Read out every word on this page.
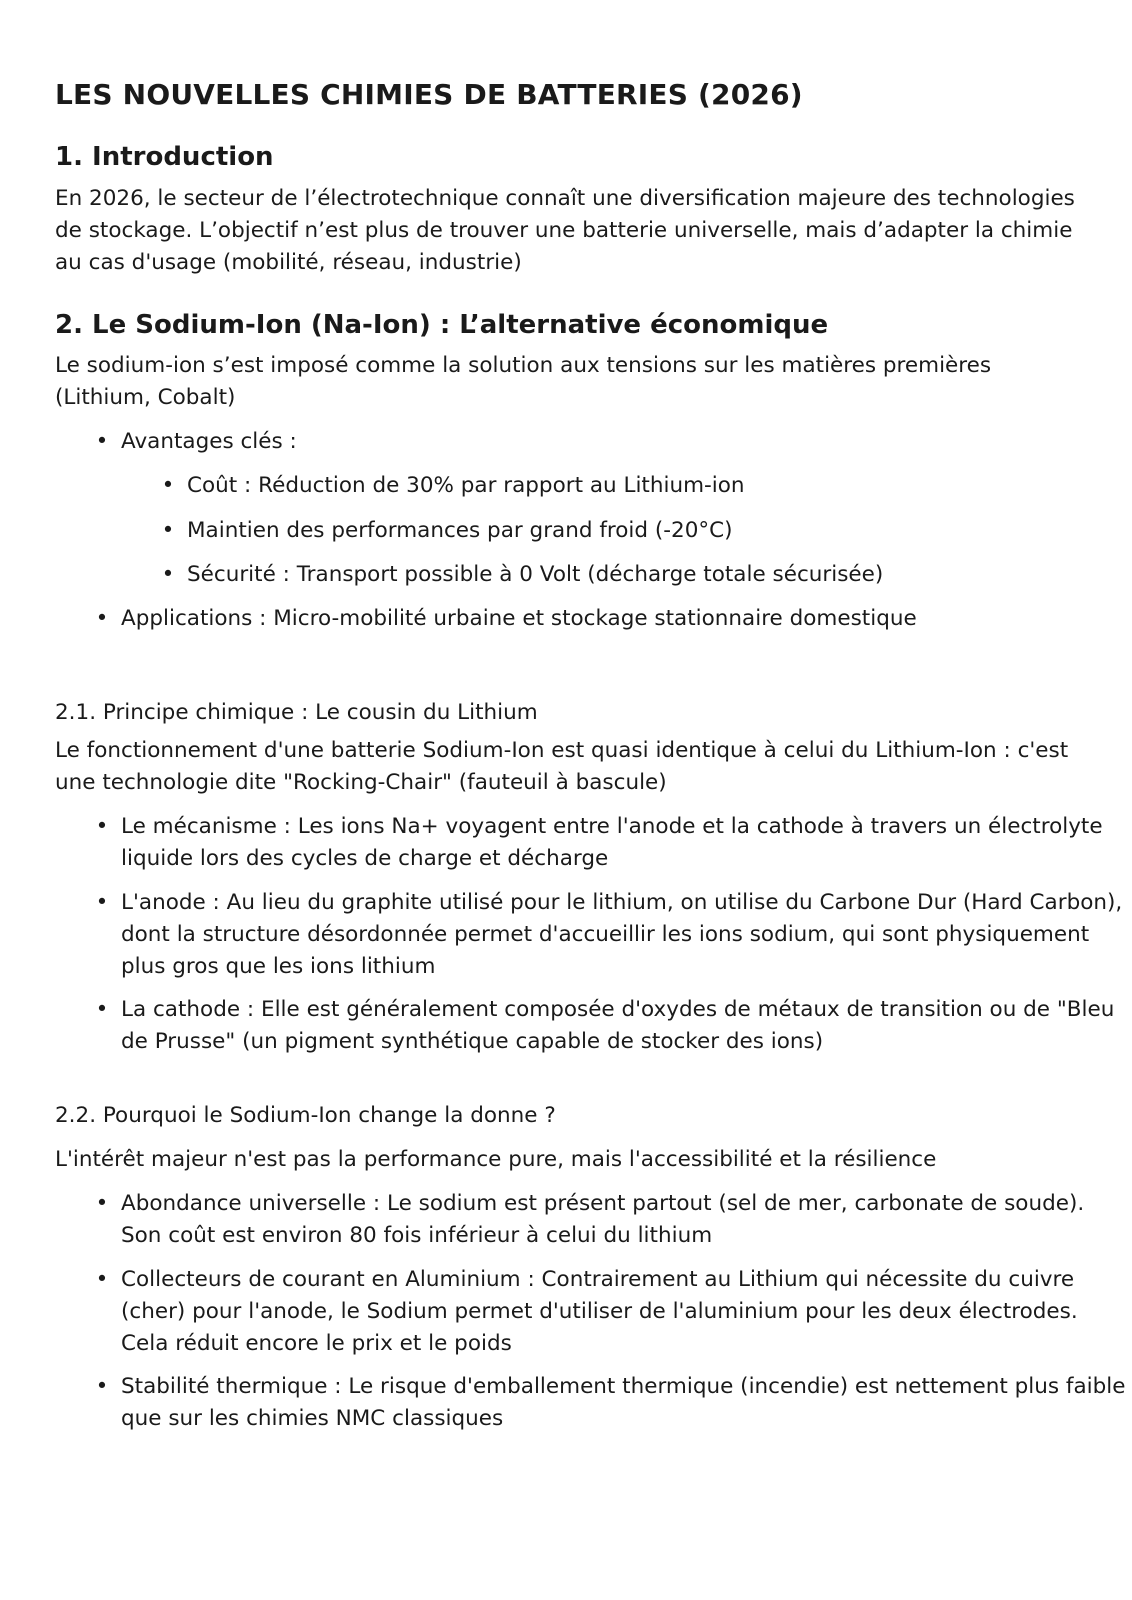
LES NOUVELLES CHIMIES DE BATTERIES (2026)
1. Introduction

En 2026, le secteur de l’électrotechnique connaît une diversification majeure des technologies de stockage. L’objectif n’est plus de trouver une batterie universelle, mais d’adapter la chimie au cas d'usage (mobilité, réseau, industrie)

2. Le Sodium-Ion (Na-Ion) : L’alternative économique

Le sodium-ion s’est imposé comme la solution aux tensions sur les matières premières (Lithium, Cobalt)

• Avantages clés :
• Coût : Réduction de 30% par rapport au Lithium-ion
• Maintien des performances par grand froid (-20°C)
• Sécurité : Transport possible à 0 Volt (décharge totale sécurisée)
• Applications : Micro-mobilité urbaine et stockage stationnaire domestique
2.1. Principe chimique : Le cousin du Lithium

Le fonctionnement d'une batterie Sodium-Ion est quasi identique à celui du Lithium-Ion : c'est une technologie dite "Rocking-Chair" (fauteuil à bascule)

• Le mécanisme : Les ions Na+ voyagent entre l'anode et la cathode à travers un électrolyte liquide lors des cycles de charge et décharge
• L'anode : Au lieu du graphite utilisé pour le lithium, on utilise du Carbone Dur (Hard Carbon), dont la structure désordonnée permet d'accueillir les ions sodium, qui sont physiquement plus gros que les ions lithium
• La cathode : Elle est généralement composée d'oxydes de métaux de transition ou de "Bleu de Prusse" (un pigment synthétique capable de stocker des ions)
2.2. Pourquoi le Sodium-Ion change la donne ?

L'intérêt majeur n'est pas la performance pure, mais l'accessibilité et la résilience

• Abondance universelle : Le sodium est présent partout (sel de mer, carbonate de soude). Son coût est environ 80 fois inférieur à celui du lithium
• Collecteurs de courant en Aluminium : Contrairement au Lithium qui nécessite du cuivre (cher) pour l'anode, le Sodium permet d'utiliser de l'aluminium pour les deux électrodes. Cela réduit encore le prix et le poids
• Stabilité thermique : Le risque d'emballement thermique (incendie) est nettement plus faible que sur les chimies NMC classiques
